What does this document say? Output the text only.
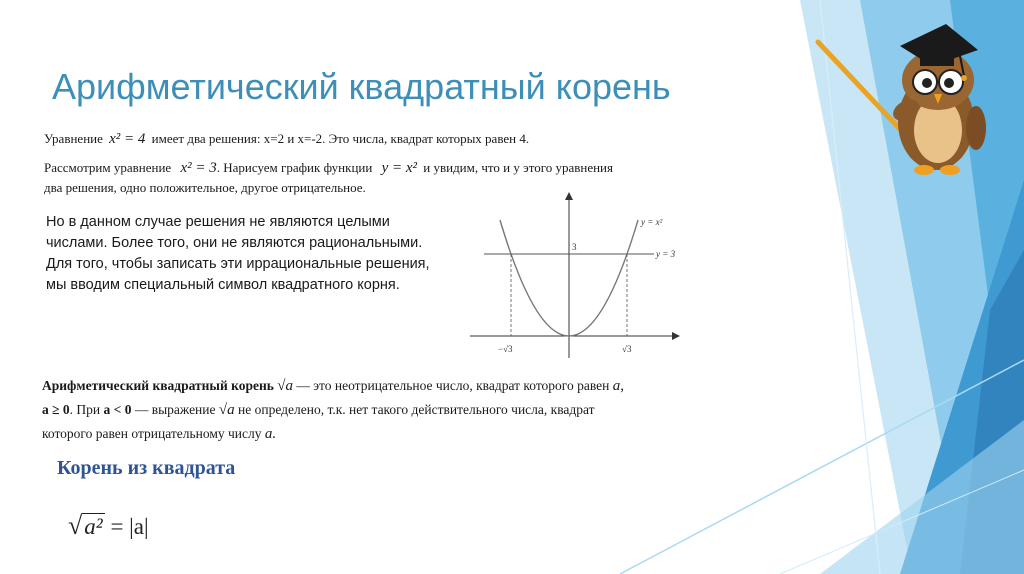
Арифметический квадратный корень
Уравнение x² = 4 имеет два решения: x=2 и x=-2. Это числа, квадрат которых равен 4.
Рассмотрим уравнение x² = 3. Нарисуем график функции y = x² и увидим, что и у этого уравнения
два решения, одно положительное, другое отрицательное.
Но в данном случае решения не являются целыми числами. Более того, они не являются рациональными. Для того, чтобы записать эти иррациональные решения, мы вводим специальный символ квадратного корня.
y = x²
y = 3
3
−√3	√3
Арифметический квадратный корень √a — это неотрицательное число, квадрат которого равен a,
a ≥ 0. При a < 0 — выражение √a не определено, т.к. нет такого действительного числа, квадрат
которого равен отрицательному числу a.
Корень из квадрата
√a² = |a|
